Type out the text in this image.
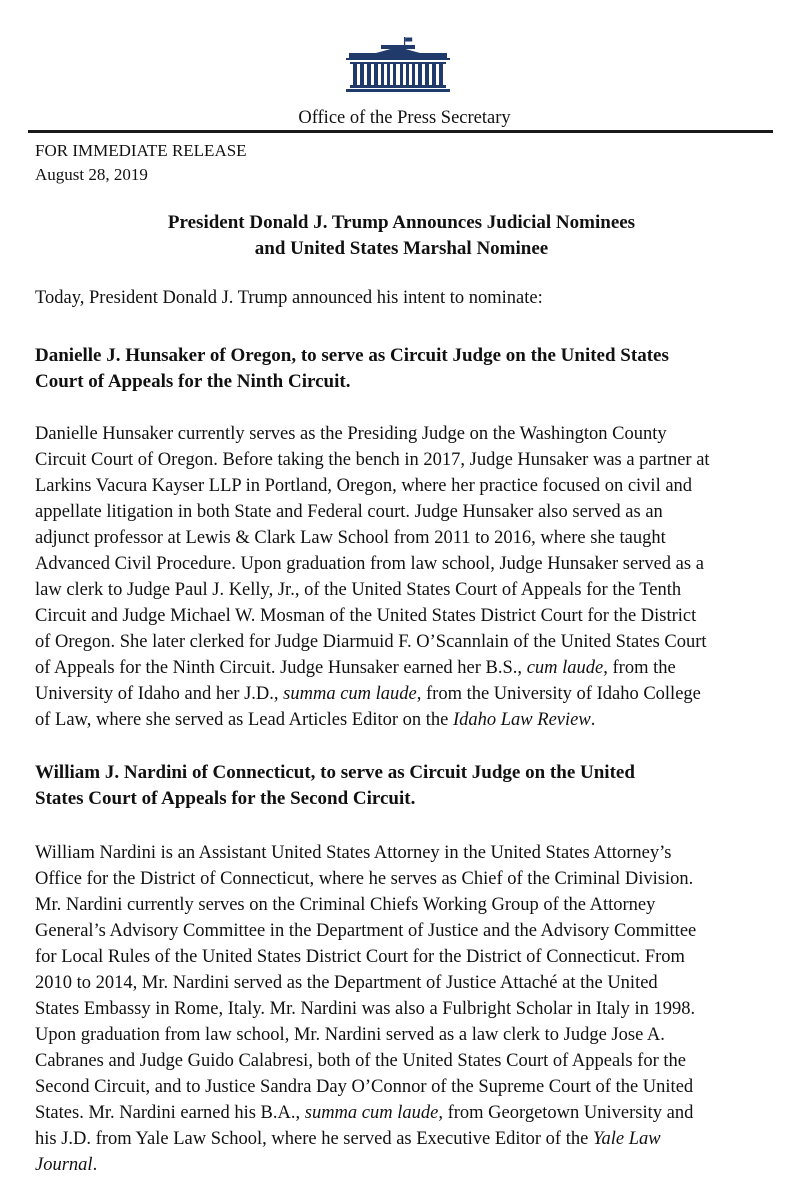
Office of the Press Secretary
FOR IMMEDIATE RELEASE
August 28, 2019
President Donald J. Trump Announces Judicial Nominees
and United States Marshal Nominee
Today, President Donald J. Trump announced his intent to nominate:
Danielle J. Hunsaker of Oregon, to serve as Circuit Judge on the United States
Court of Appeals for the Ninth Circuit.
Danielle Hunsaker currently serves as the Presiding Judge on the Washington County
Circuit Court of Oregon. Before taking the bench in 2017, Judge Hunsaker was a partner at
Larkins Vacura Kayser LLP in Portland, Oregon, where her practice focused on civil and
appellate litigation in both State and Federal court. Judge Hunsaker also served as an
adjunct professor at Lewis & Clark Law School from 2011 to 2016, where she taught
Advanced Civil Procedure. Upon graduation from law school, Judge Hunsaker served as a
law clerk to Judge Paul J. Kelly, Jr., of the United States Court of Appeals for the Tenth
Circuit and Judge Michael W. Mosman of the United States District Court for the District
of Oregon. She later clerked for Judge Diarmuid F. O’Scannlain of the United States Court
of Appeals for the Ninth Circuit. Judge Hunsaker earned her B.S., cum laude, from the
University of Idaho and her J.D., summa cum laude, from the University of Idaho College
of Law, where she served as Lead Articles Editor on the Idaho Law Review.
William J. Nardini of Connecticut, to serve as Circuit Judge on the United
States Court of Appeals for the Second Circuit.
William Nardini is an Assistant United States Attorney in the United States Attorney’s
Office for the District of Connecticut, where he serves as Chief of the Criminal Division.
Mr. Nardini currently serves on the Criminal Chiefs Working Group of the Attorney
General’s Advisory Committee in the Department of Justice and the Advisory Committee
for Local Rules of the United States District Court for the District of Connecticut. From
2010 to 2014, Mr. Nardini served as the Department of Justice Attaché at the United
States Embassy in Rome, Italy. Mr. Nardini was also a Fulbright Scholar in Italy in 1998.
Upon graduation from law school, Mr. Nardini served as a law clerk to Judge Jose A.
Cabranes and Judge Guido Calabresi, both of the United States Court of Appeals for the
Second Circuit, and to Justice Sandra Day O’Connor of the Supreme Court of the United
States. Mr. Nardini earned his B.A., summa cum laude, from Georgetown University and
his J.D. from Yale Law School, where he served as Executive Editor of the Yale Law
Journal.
